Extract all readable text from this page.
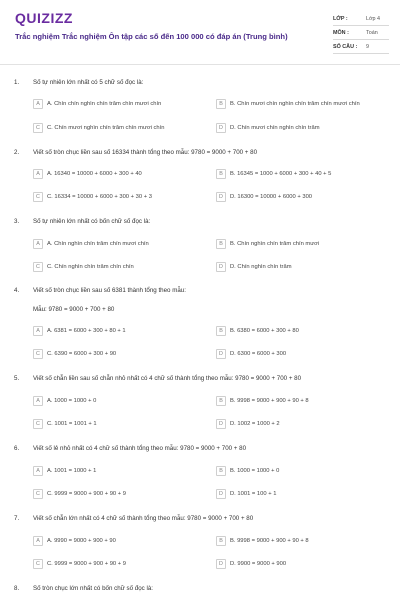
QUIZIZZ
Trắc nghiệm Trắc nghiệm Ôn tập các số đến 100 000 có đáp án (Trung bình)
LỚP :	Lớp 4
MÔN :	Toán
SỐ CÂU :	9
1. Số tự nhiên lớn nhất có 5 chữ số đọc là:
A	A. Chín chín nghìn chín trăm chín mươi chín	B	B. Chín mươi chín nghìn chín trăm chín mươi chín
C	C. Chín mươi nghìn chín trăm chín mươi chín	D	D. Chín mươi chín nghìn chín trăm
2. Viết số tròn chục liền sau số 16334 thành tổng theo mẫu: 9780 = 9000 + 700 + 80
A	A. 16340 = 10000 + 6000 + 300 + 40	B	B. 16345 = 1000 + 6000 + 300 + 40 + 5
C	C. 16334 = 10000 + 6000 + 300 + 30 + 3	D	D. 16300 = 10000 + 6000 + 300
3. Số tự nhiên lớn nhất có bốn chữ số đọc là:
A	A. Chín nghìn chín trăm chín mươi chín	B	B. Chín nghìn chín trăm chín mươi
C	C. Chín nghìn chín trăm chín chín	D	D. Chín nghìn chín trăm
4. Viết số tròn chục liền sau số 6381 thành tổng theo mẫu:
Mẫu: 9780 = 9000 + 700 + 80
A	A. 6381 = 6000 + 300 + 80 + 1	B	B. 6380 = 6000 + 300 + 80
C	C. 6390 = 6000 + 300 + 90	D	D. 6300 = 6000 + 300
5. Viết số chẵn liền sau số chẵn nhỏ nhất có 4 chữ số thành tổng theo mẫu: 9780 = 9000 + 700 + 80
A	A. 1000 = 1000 + 0	B	B. 9998 = 9000 + 900 + 90 + 8
C	C. 1001 = 1001 + 1	D	D. 1002 = 1000 + 2
6. Viết số lẻ nhỏ nhất có 4 chữ số thành tổng theo mẫu: 9780 = 9000 + 700 + 80
A	A. 1001 = 1000 + 1	B	B. 1000 = 1000 + 0
C	C. 9999 = 9000 + 900 + 90 + 9	D	D. 1001 = 100 + 1
7. Viết số chẵn lớn nhất có 4 chữ số thành tổng theo mẫu: 9780 = 9000 + 700 + 80
A	A. 9990 = 9000 + 900 + 90	B	B. 9998 = 9000 + 900 + 90 + 8
C	C. 9999 = 9000 + 900 + 90 + 9	D	D. 9900 = 9000 + 900
8. Số tròn chục lớn nhất có bốn chữ số đọc là:
